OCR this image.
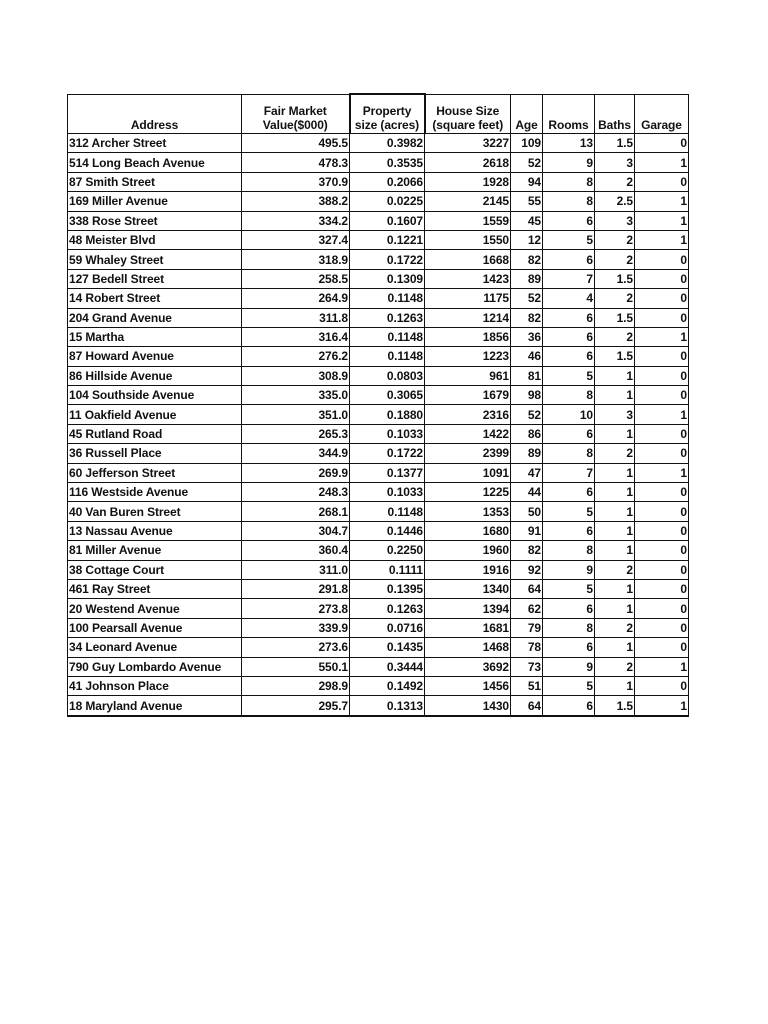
Address	Fair Market Value($000)	Property size (acres)	House Size (square feet)	Age	Rooms	Baths	Garage
312 Archer Street	495.5	0.3982	3227	109	13	1.5	0
514 Long Beach Avenue	478.3	0.3535	2618	52	9	3	1
87 Smith Street	370.9	0.2066	1928	94	8	2	0
169 Miller Avenue	388.2	0.0225	2145	55	8	2.5	1
338 Rose Street	334.2	0.1607	1559	45	6	3	1
48 Meister Blvd	327.4	0.1221	1550	12	5	2	1
59 Whaley Street	318.9	0.1722	1668	82	6	2	0
127 Bedell Street	258.5	0.1309	1423	89	7	1.5	0
14 Robert Street	264.9	0.1148	1175	52	4	2	0
204 Grand Avenue	311.8	0.1263	1214	82	6	1.5	0
15 Martha	316.4	0.1148	1856	36	6	2	1
87 Howard Avenue	276.2	0.1148	1223	46	6	1.5	0
86 Hillside Avenue	308.9	0.0803	961	81	5	1	0
104 Southside Avenue	335.0	0.3065	1679	98	8	1	0
11 Oakfield Avenue	351.0	0.1880	2316	52	10	3	1
45 Rutland Road	265.3	0.1033	1422	86	6	1	0
36 Russell Place	344.9	0.1722	2399	89	8	2	0
60 Jefferson Street	269.9	0.1377	1091	47	7	1	1
116 Westside Avenue	248.3	0.1033	1225	44	6	1	0
40 Van Buren Street	268.1	0.1148	1353	50	5	1	0
13 Nassau Avenue	304.7	0.1446	1680	91	6	1	0
81 Miller Avenue	360.4	0.2250	1960	82	8	1	0
38 Cottage Court	311.0	0.1111	1916	92	9	2	0
461 Ray Street	291.8	0.1395	1340	64	5	1	0
20 Westend Avenue	273.8	0.1263	1394	62	6	1	0
100 Pearsall Avenue	339.9	0.0716	1681	79	8	2	0
34 Leonard Avenue	273.6	0.1435	1468	78	6	1	0
790 Guy Lombardo Avenue	550.1	0.3444	3692	73	9	2	1
41 Johnson Place	298.9	0.1492	1456	51	5	1	0
18 Maryland Avenue	295.7	0.1313	1430	64	6	1.5	1
